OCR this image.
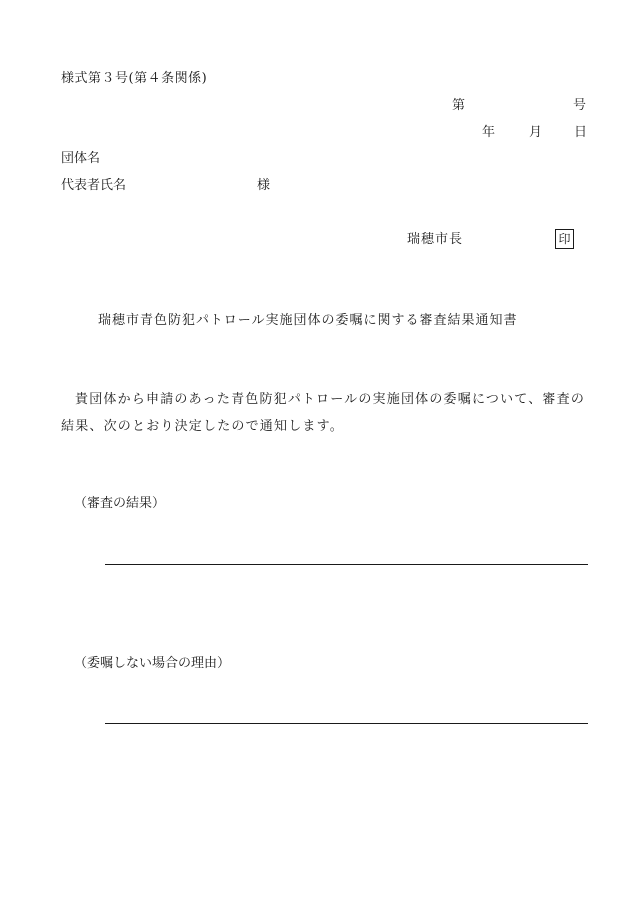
様式第３号(第４条関係)
第	号
年	月 日
団体名
代表者氏名	様
瑞穂市長	印
瑞穂市青色防犯パトロール実施団体の委嘱に関する審査結果通知書
貴団体から申請のあった青色防犯パトロールの実施団体の委嘱について、審査の結果、次のとおり決定したので通知します。
（審査の結果）
（委嘱しない場合の理由）
